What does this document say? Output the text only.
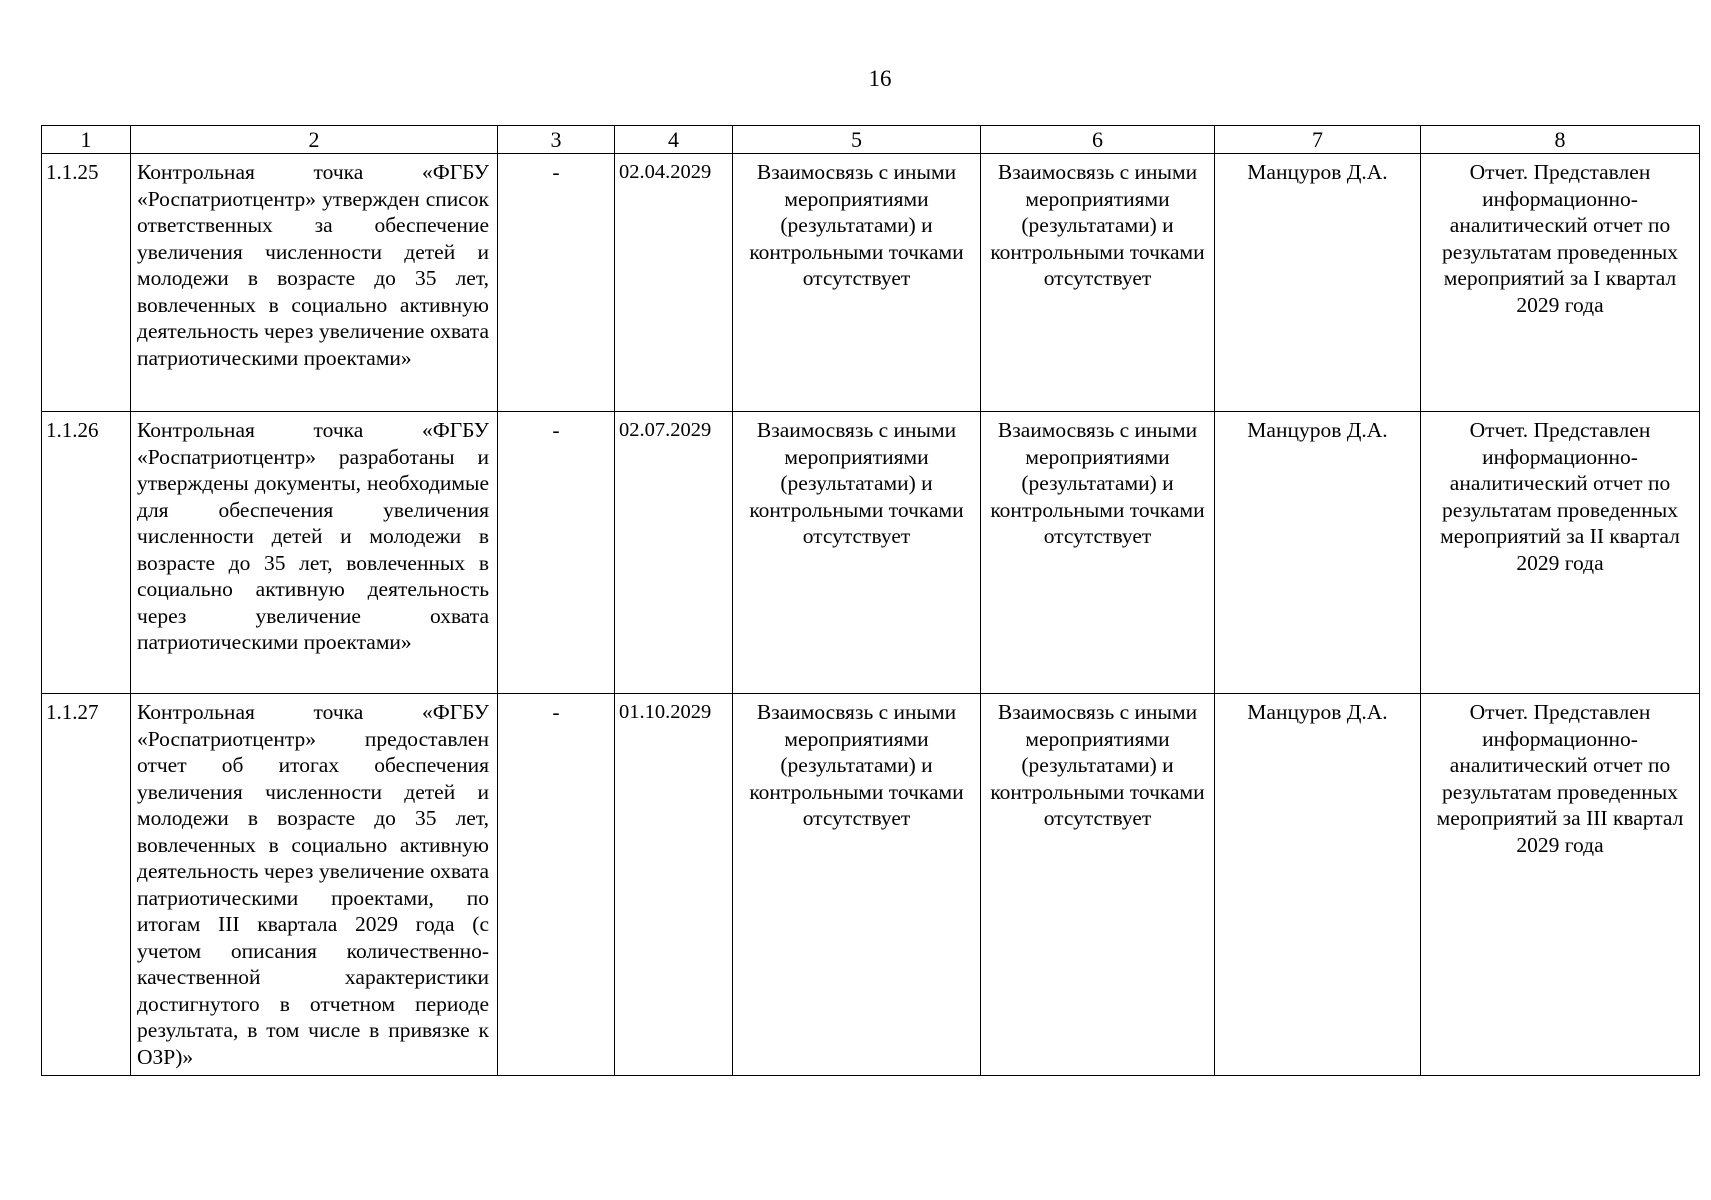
16
1	2	3	4	5	6	7	8
1.1.25	Контрольная точка «ФГБУ «Роспатриотцентр» утвержден список ответственных за обеспечение увеличения численности детей и молодежи в возрасте до 35 лет, вовлеченных в социально активную деятельность через увеличение охвата патриотическими проектами»	-	02.04.2029	Взаимосвязь с иными мероприятиями (результатами) и контрольными точками отсутствует	Взаимосвязь с иными мероприятиями (результатами) и контрольными точками отсутствует	Манцуров Д.А.	Отчет. Представлен информационно-аналитический отчет по результатам проведенных мероприятий за I квартал 2029 года
1.1.26	Контрольная точка «ФГБУ «Роспатриотцентр» разработаны и утверждены документы, необходимые для обеспечения увеличения численности детей и молодежи в возрасте до 35 лет, вовлеченных в социально активную деятельность через увеличение охвата патриотическими проектами»	-	02.07.2029	Взаимосвязь с иными мероприятиями (результатами) и контрольными точками отсутствует	Взаимосвязь с иными мероприятиями (результатами) и контрольными точками отсутствует	Манцуров Д.А.	Отчет. Представлен информационно-аналитический отчет по результатам проведенных мероприятий за II квартал 2029 года
1.1.27	Контрольная точка «ФГБУ «Роспатриотцентр» предоставлен отчет об итогах обеспечения увеличения численности детей и молодежи в возрасте до 35 лет, вовлеченных в социально активную деятельность через увеличение охвата патриотическими проектами, по итогам III квартала 2029 года (с учетом описания количественно-качественной характеристики достигнутого в отчетном периоде результата, в том числе в привязке к ОЗР)»	-	01.10.2029	Взаимосвязь с иными мероприятиями (результатами) и контрольными точками отсутствует	Взаимосвязь с иными мероприятиями (результатами) и контрольными точками отсутствует	Манцуров Д.А.	Отчет. Представлен информационно-аналитический отчет по результатам проведенных мероприятий за III квартал 2029 года
